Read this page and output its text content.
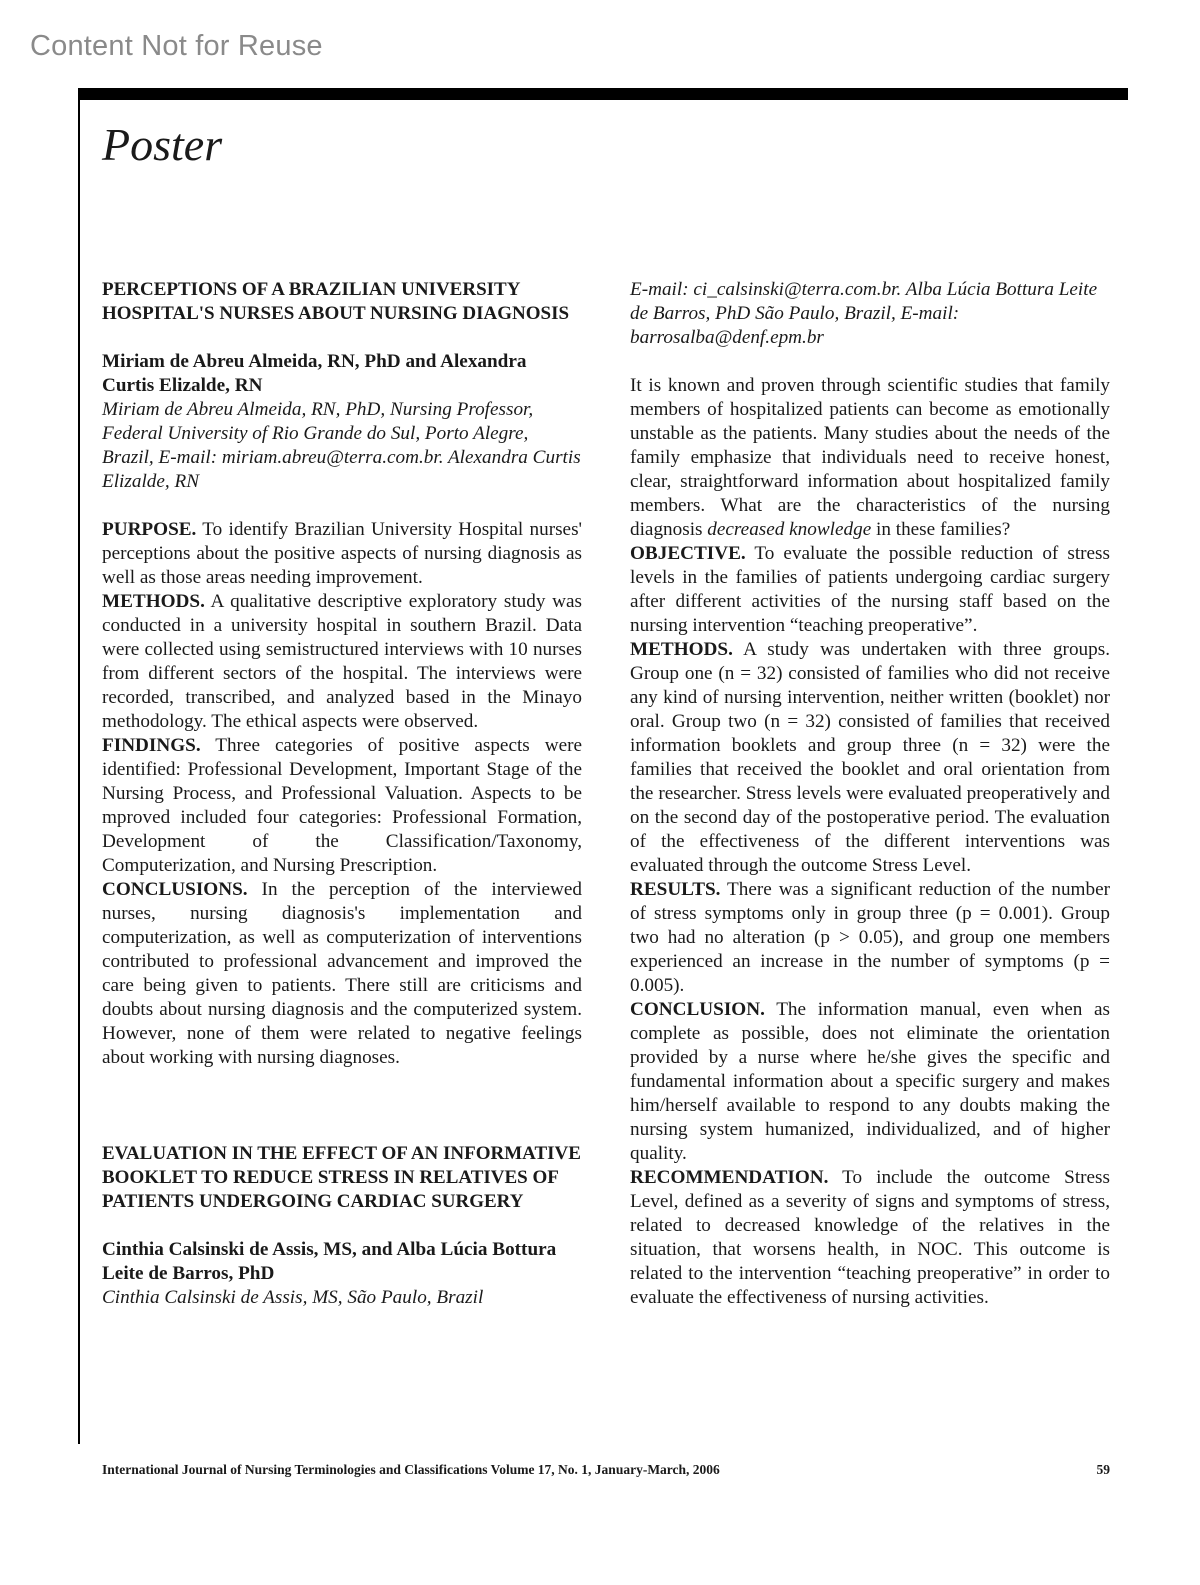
Content Not for Reuse
Poster

PERCEPTIONS OF A BRAZILIAN UNIVERSITY HOSPITAL'S NURSES ABOUT NURSING DIAGNOSIS

Miriam de Abreu Almeida, RN, PhD and Alexandra Curtis Elizalde, RN

Miriam de Abreu Almeida, RN, PhD, Nursing Professor, Federal University of Rio Grande do Sul, Porto Alegre, Brazil, E-mail: miriam.abreu@terra.com.br. Alexandra Curtis Elizalde, RN

PURPOSE. To identify Brazilian University Hospital nurses' perceptions about the positive aspects of nursing diagnosis as well as those areas needing improvement.

METHODS. A qualitative descriptive exploratory study was conducted in a university hospital in southern Brazil. Data were collected using semistructured interviews with 10 nurses from different sectors of the hospital. The interviews were recorded, transcribed, and analyzed based in the Minayo methodology. The ethical aspects were observed.

FINDINGS. Three categories of positive aspects were identified: Professional Development, Important Stage of the Nursing Process, and Professional Valuation. Aspects to be mproved included four categories: Professional Formation, Development of the Classification/Taxonomy, Computerization, and Nursing Prescription.

CONCLUSIONS. In the perception of the interviewed nurses, nursing diagnosis's implementation and computerization, as well as computerization of interventions contributed to professional advancement and improved the care being given to patients. There still are criticisms and doubts about nursing diagnosis and the computerized system. However, none of them were related to negative feelings about working with nursing diagnoses.

EVALUATION IN THE EFFECT OF AN INFORMATIVE BOOKLET TO REDUCE STRESS IN RELATIVES OF PATIENTS UNDERGOING CARDIAC SURGERY

Cinthia Calsinski de Assis, MS, and Alba Lúcia Bottura Leite de Barros, PhD

Cinthia Calsinski de Assis, MS, São Paulo, Brazil

E-mail: ci_calsinski@terra.com.br. Alba Lúcia Bottura Leite de Barros, PhD São Paulo, Brazil, E-mail: barrosalba@denf.epm.br

It is known and proven through scientific studies that family members of hospitalized patients can become as emotionally unstable as the patients. Many studies about the needs of the family emphasize that individuals need to receive honest, clear, straightforward information about hospitalized family members. What are the characteristics of the nursing diagnosis decreased knowledge in these families?

OBJECTIVE. To evaluate the possible reduction of stress levels in the families of patients undergoing cardiac surgery after different activities of the nursing staff based on the nursing intervention “teaching preoperative”.

METHODS. A study was undertaken with three groups. Group one (n = 32) consisted of families who did not receive any kind of nursing intervention, neither written (booklet) nor oral. Group two (n = 32) consisted of families that received information booklets and group three (n = 32) were the families that received the booklet and oral orientation from the researcher. Stress levels were evaluated preoperatively and on the second day of the postoperative period. The evaluation of the effectiveness of the different interventions was evaluated through the outcome Stress Level.

RESULTS. There was a significant reduction of the number of stress symptoms only in group three (p = 0.001). Group two had no alteration (p > 0.05), and group one members experienced an increase in the number of symptoms (p = 0.005).

CONCLUSION. The information manual, even when as complete as possible, does not eliminate the orientation provided by a nurse where he/she gives the specific and fundamental information about a specific surgery and makes him/herself available to respond to any doubts making the nursing system humanized, individualized, and of higher quality.

RECOMMENDATION. To include the outcome Stress Level, defined as a severity of signs and symptoms of stress, related to decreased knowledge of the relatives in the situation, that worsens health, in NOC. This outcome is related to the intervention “teaching preoperative” in order to evaluate the effectiveness of nursing activities.

International Journal of Nursing Terminologies and Classifications Volume 17, No. 1, January-March, 2006	59
